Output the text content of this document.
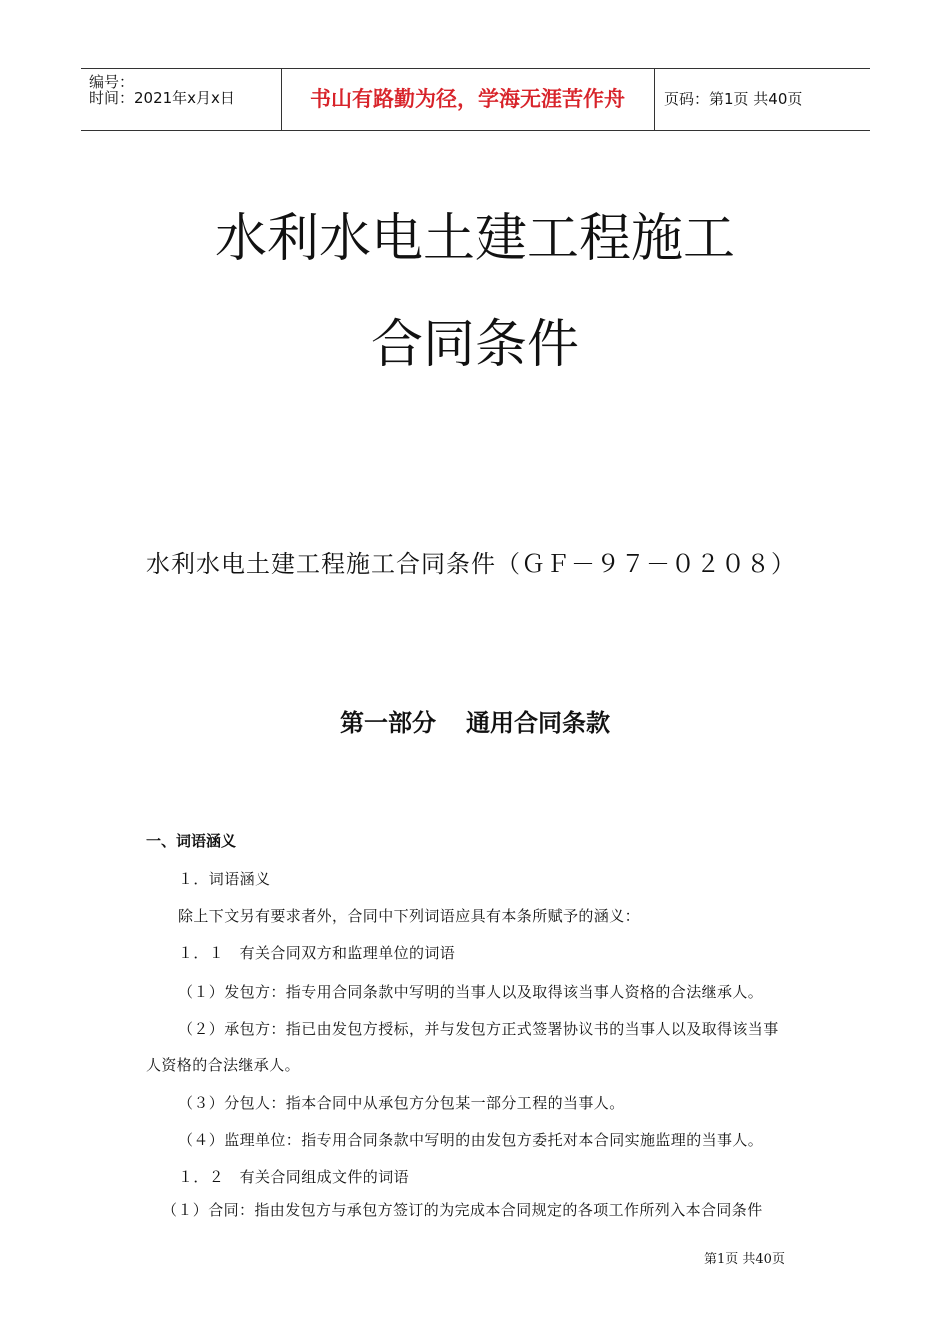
编号：
时间：2021年x月x日	书山有路勤为径，学海无涯苦作舟	页码：第1页 共40页
水利水电土建工程施工
合同条件
水利水电土建工程施工合同条件（ＧＦ－９７－０２０８）
第一部分 通用合同条款
一、词语涵义
１．词语涵义
除上下文另有要求者外，合同中下列词语应具有本条所赋予的涵义：
１．１　有关合同双方和监理单位的词语
（１）发包方：指专用合同条款中写明的当事人以及取得该当事人资格的合法继承人。
（２）承包方：指已由发包方授标，并与发包方正式签署协议书的当事人以及取得该当事
人资格的合法继承人。
（３）分包人：指本合同中从承包方分包某一部分工程的当事人。
（４）监理单位：指专用合同条款中写明的由发包方委托对本合同实施监理的当事人。
１．２　有关合同组成文件的词语
（１）合同：指由发包方与承包方签订的为完成本合同规定的各项工作所列入本合同条件
第1页 共40页
